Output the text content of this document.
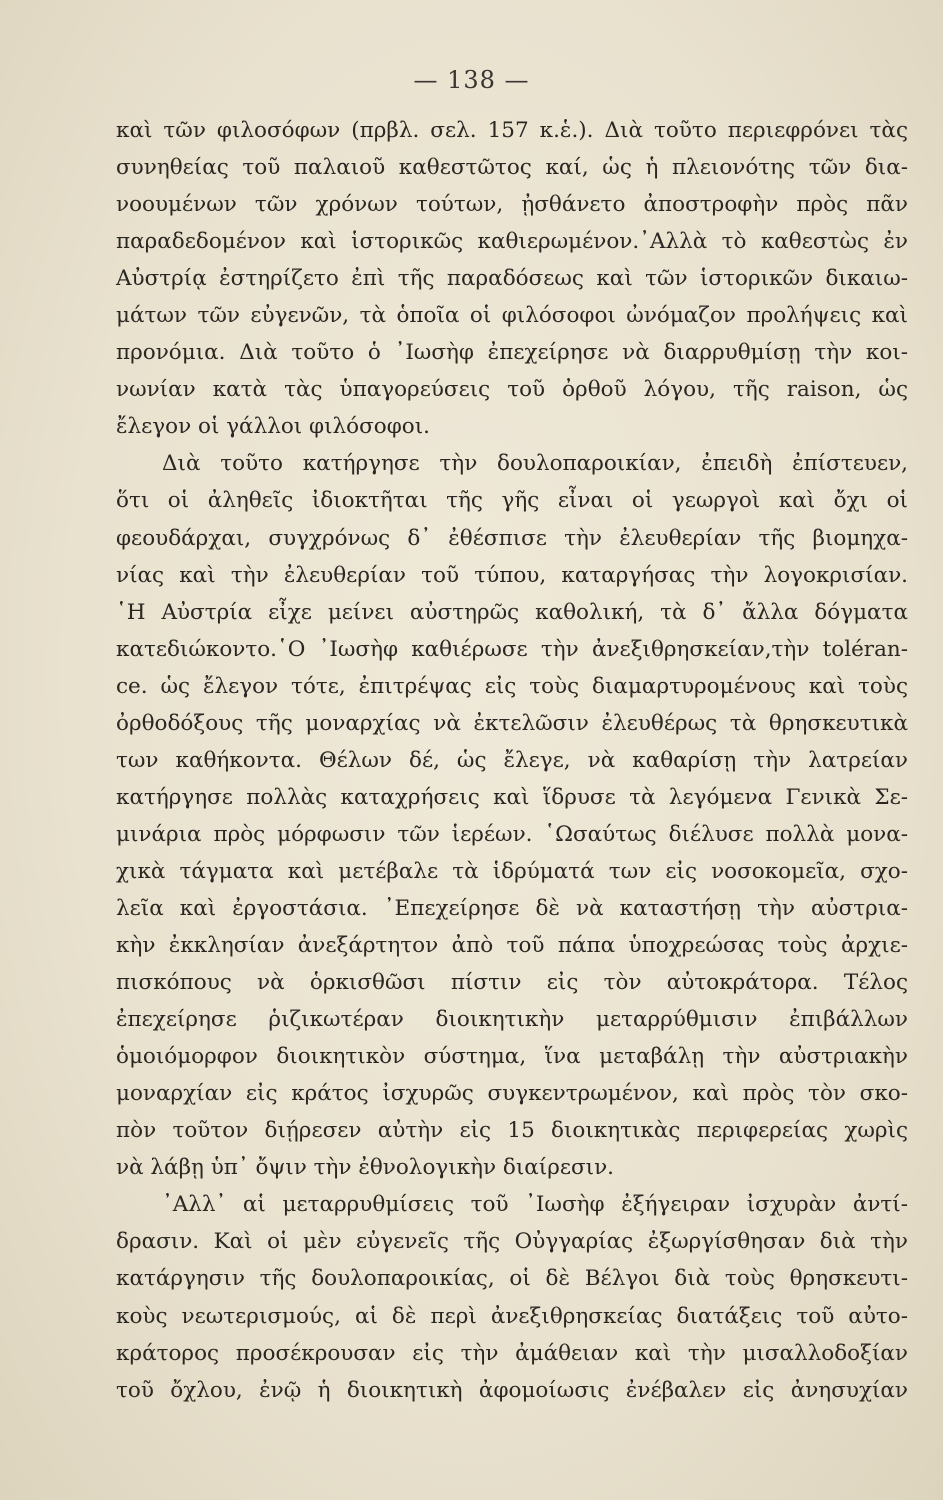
— 138 —
καὶ τῶν φιλοσόφων (πρβλ. σελ. 157 κ.ἑ.). Διὰ τοῦτο περιεφρόνει τὰς
συνηθείας τοῦ παλαιοῦ καθεστῶτος καί, ὡς ἡ πλειονότης τῶν δια-
νοουμένων τῶν χρόνων τούτων, ᾐσθάνετο ἀποστροφὴν πρὸς πᾶν
παραδεδομένον καὶ ἱστορικῶς καθιερωμένον.᾿Αλλὰ τὸ καθεστὼς ἐν
Αὐστρίᾳ ἐστηρίζετο ἐπὶ τῆς παραδόσεως καὶ τῶν ἱστορικῶν δικαιω-
μάτων τῶν εὐγενῶν, τὰ ὁποῖα οἱ φιλόσοφοι ὠνόμαζον προλήψεις καὶ
προνόμια. Διὰ τοῦτο ὁ ᾿Ιωσὴφ ἐπεχείρησε νὰ διαρρυθμίσῃ τὴν κοι-
νωνίαν κατὰ τὰς ὑπαγορεύσεις τοῦ ὀρθοῦ λόγου, τῆς raison, ὡς
ἔλεγον οἱ γάλλοι φιλόσοφοι.
Διὰ τοῦτο κατήργησε τὴν δουλοπαροικίαν, ἐπειδὴ ἐπίστευεν,
ὅτι οἱ ἀληθεῖς ἰδιοκτῆται τῆς γῆς εἶναι οἱ γεωργοὶ καὶ ὄχι οἱ
φεουδάρχαι, συγχρόνως δ᾿ ἐθέσπισε τὴν ἐλευθερίαν τῆς βιομηχα-
νίας καὶ τὴν ἐλευθερίαν τοῦ τύπου, καταργήσας τὴν λογοκρισίαν.
῾Η Αὐστρία εἶχε μείνει αὐστηρῶς καθολική, τὰ δ᾿ ἄλλα δόγματα
κατεδιώκοντο.῾Ο ᾿Ιωσὴφ καθιέρωσε τὴν ἀνεξιθρησκείαν,τὴν toléran-
ce. ὡς ἔλεγον τότε, ἐπιτρέψας εἰς τοὺς διαμαρτυρομένους καὶ τοὺς
ὀρθοδόξους τῆς μοναρχίας νὰ ἐκτελῶσιν ἐλευθέρως τὰ θρησκευτικὰ
των καθήκοντα. Θέλων δέ, ὡς ἔλεγε, νὰ καθαρίσῃ τὴν λατρείαν
κατήργησε πολλὰς καταχρήσεις καὶ ἵδρυσε τὰ λεγόμενα Γενικὰ Σε-
μινάρια πρὸς μόρφωσιν τῶν ἱερέων. ῾Ωσαύτως διέλυσε πολλὰ μονα-
χικὰ τάγματα καὶ μετέβαλε τὰ ἱδρύματά των εἰς νοσοκομεῖα, σχο-
λεῖα καὶ ἐργοστάσια. ᾿Επεχείρησε δὲ νὰ καταστήσῃ τὴν αὐστρια-
κὴν ἐκκλησίαν ἀνεξάρτητον ἀπὸ τοῦ πάπα ὑποχρεώσας τοὺς ἀρχιε-
πισκόπους νὰ ὁρκισθῶσι πίστιν εἰς τὸν αὐτοκράτορα. Τέλος
ἐπεχείρησε ῥιζικωτέραν διοικητικὴν μεταρρύθμισιν ἐπιβάλλων
ὁμοιόμορφον διοικητικὸν σύστημα, ἵνα μεταβάλῃ τὴν αὐστριακὴν
μοναρχίαν εἰς κράτος ἰσχυρῶς συγκεντρωμένον, καὶ πρὸς τὸν σκο-
πὸν τοῦτον διῄρεσεν αὐτὴν εἰς 15 διοικητικὰς περιφερείας χωρὶς
νὰ λάβῃ ὑπ᾿ ὄψιν τὴν ἐθνολογικὴν διαίρεσιν.
᾿Αλλ᾿ αἱ μεταρρυθμίσεις τοῦ ᾿Ιωσὴφ ἐξήγειραν ἰσχυρὰν ἀντί-
δρασιν. Καὶ οἱ μὲν εὐγενεῖς τῆς Οὐγγαρίας ἐξωργίσθησαν διὰ τὴν
κατάργησιν τῆς δουλοπαροικίας, οἱ δὲ Βέλγοι διὰ τοὺς θρησκευτι-
κοὺς νεωτερισμούς, αἱ δὲ περὶ ἀνεξιθρησκείας διατάξεις τοῦ αὐτο-
κράτορος προσέκρουσαν εἰς τὴν ἀμάθειαν καὶ τὴν μισαλλοδοξίαν
τοῦ ὄχλου, ἐνῷ ἡ διοικητικὴ ἀφομοίωσις ἐνέβαλεν εἰς ἀνησυχίαν
